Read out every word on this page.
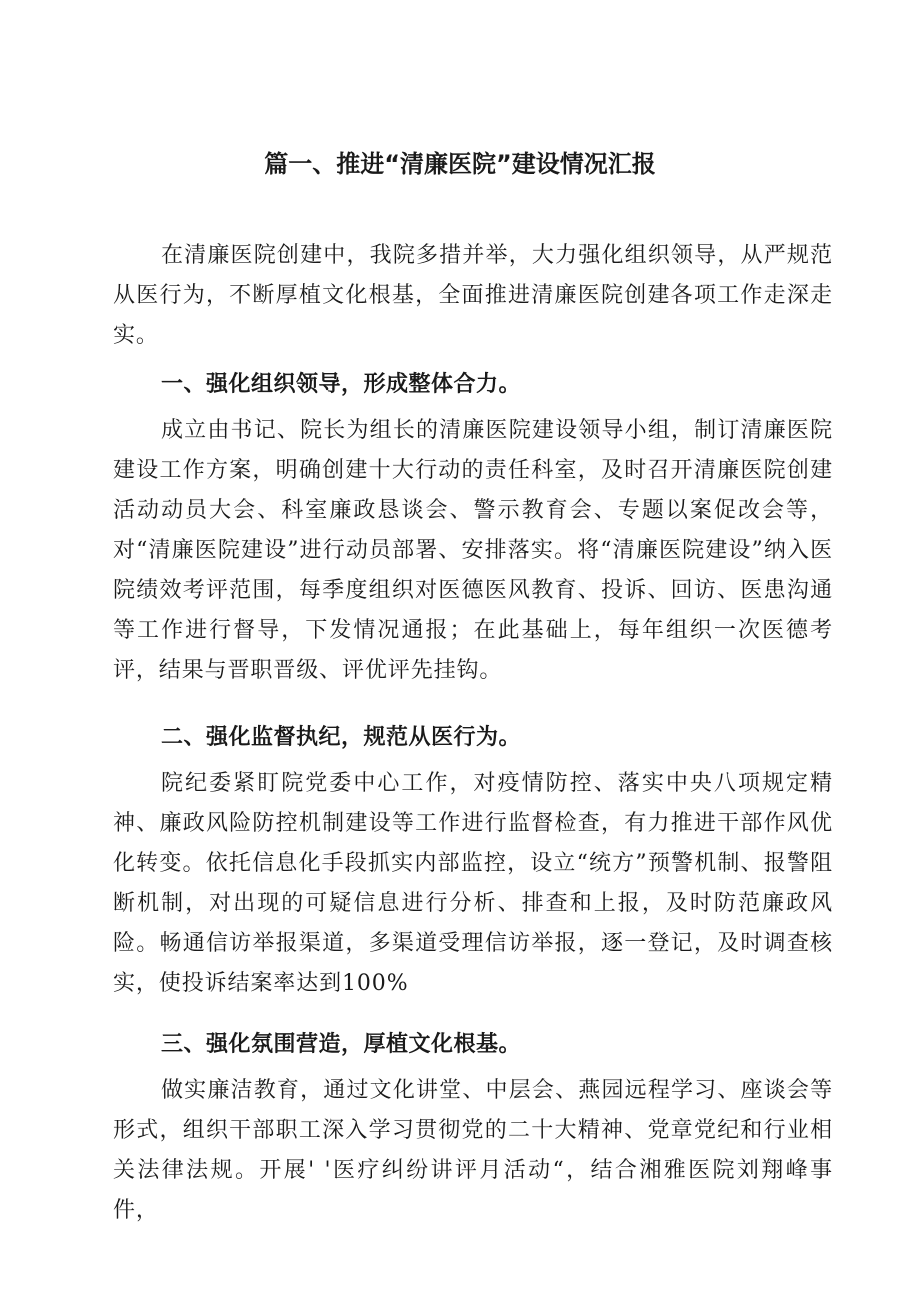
篇一、推进“清廉医院”建设情况汇报

在清廉医院创建中，我院多措并举，大力强化组织领导，从严规范从医行为，不断厚植文化根基，全面推进清廉医院创建各项工作走深走实。

一、强化组织领导，形成整体合力。

成立由书记、院长为组长的清廉医院建设领导小组，制订清廉医院建设工作方案，明确创建十大行动的责任科室，及时召开清廉医院创建活动动员大会、科室廉政恳谈会、警示教育会、专题以案促改会等，对“清廉医院建设”进行动员部署、安排落实。将“清廉医院建设”纳入医院绩效考评范围，每季度组织对医德医风教育、投诉、回访、医患沟通等工作进行督导，下发情况通报；在此基础上，每年组织一次医德考评，结果与晋职晋级、评优评先挂钩。

二、强化监督执纪，规范从医行为。

院纪委紧盯院党委中心工作，对疫情防控、落实中央八项规定精神、廉政风险防控机制建设等工作进行监督检查，有力推进干部作风优化转变。依托信息化手段抓实内部监控，设立“统方”预警机制、报警阻断机制，对出现的可疑信息进行分析、排查和上报，及时防范廉政风险。畅通信访举报渠道，多渠道受理信访举报，逐一登记，及时调查核实，使投诉结案率达到100%

三、强化氛围营造，厚植文化根基。

做实廉洁教育，通过文化讲堂、中层会、燕园远程学习、座谈会等形式，组织干部职工深入学习贯彻党的二十大精神、党章党纪和行业相关法律法规。开展' '医疗纠纷讲评月活动“，结合湘雅医院刘翔峰事件，
